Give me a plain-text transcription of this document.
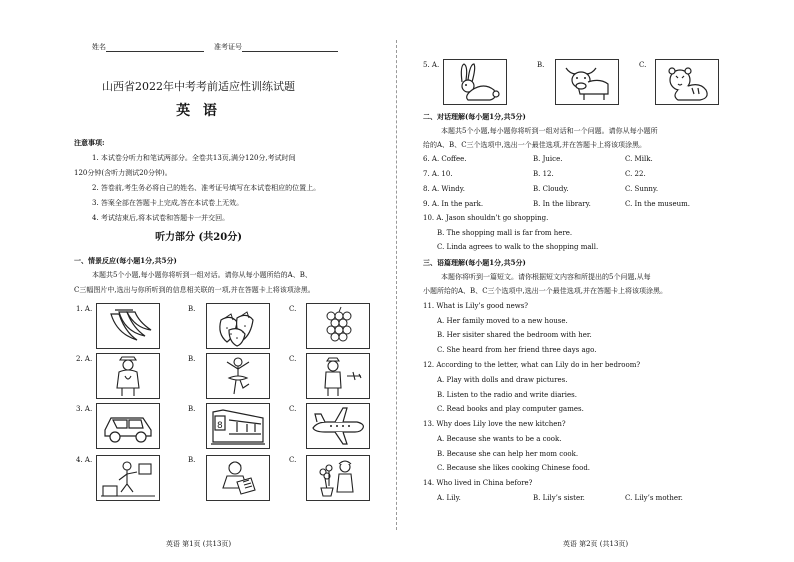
姓名	准考证号
山西省2022年中考考前适应性训练试题
英 语
注意事项:
1. 本试卷分听力和笔试两部分。全卷共13页,满分120分,考试时间
120分钟(含听力测试20分钟)。
2. 答卷前,考生务必将自己的姓名、准考证号填写在本试卷相应的位置上。
3. 答案全部在答题卡上完成,答在本试卷上无效。
4. 考试结束后,将本试卷和答题卡一并交回。
听力部分 (共20分)
一、情景反应(每小题1分,共5分)
本题共5个小题,每小题你将听到一组对话。请你从每小题所给的A、B、
C三幅图片中,选出与你所听到的信息相关联的一项,并在答题卡上将该项涂黑。
1. A.	B.	C.
2. A.	B.	C.
3. A.	B.	C.
8
4. A.	B.	C.
英语 第1页 (共13页)
5. A.	B.	C.
二、对话理解(每小题1分,共5分)
本题共5个小题,每小题你将听到一组对话和一个问题。请你从每小题所
给的A、B、C三个选项中,选出一个最佳选项,并在答题卡上将该项涂黑。
6. A. Coffee.	B. Juice.	C. Milk.
7. A. 10.	B. 12.	C. 22.
8. A. Windy.	B. Cloudy.	C. Sunny.
9. A. In the park.	B. In the library.	C. In the museum.
10. A. Jason shouldn’t go shopping.
B. The shopping mall is far from here.
C. Linda agrees to walk to the shopping mall.
三、语篇理解(每小题1分,共5分)
本题你将听到一篇短文。请你根据短文内容和所提出的5个问题,从每
小题所给的A、B、C三个选项中,选出一个最佳选项,并在答题卡上将该项涂黑。
11. What is Lily’s good news?
A. Her family moved to a new house.
B. Her sisiter shared the bedroom with her.
C. She heard from her friend three days ago.
12. According to the letter, what can Lily do in her bedroom?
A. Play with dolls and draw pictures.
B. Listen to the radio and write diaries.
C. Read books and play computer games.
13. Why does Lily love the new kitchen?
A. Because she wants to be a cook.
B. Because she can help her mom cook.
C. Because she likes cooking Chinese food.
14. Who lived in China before?
A. Lily.	B. Lily’s sister.	C. Lily’s mother.
英语 第2页 (共13页)
